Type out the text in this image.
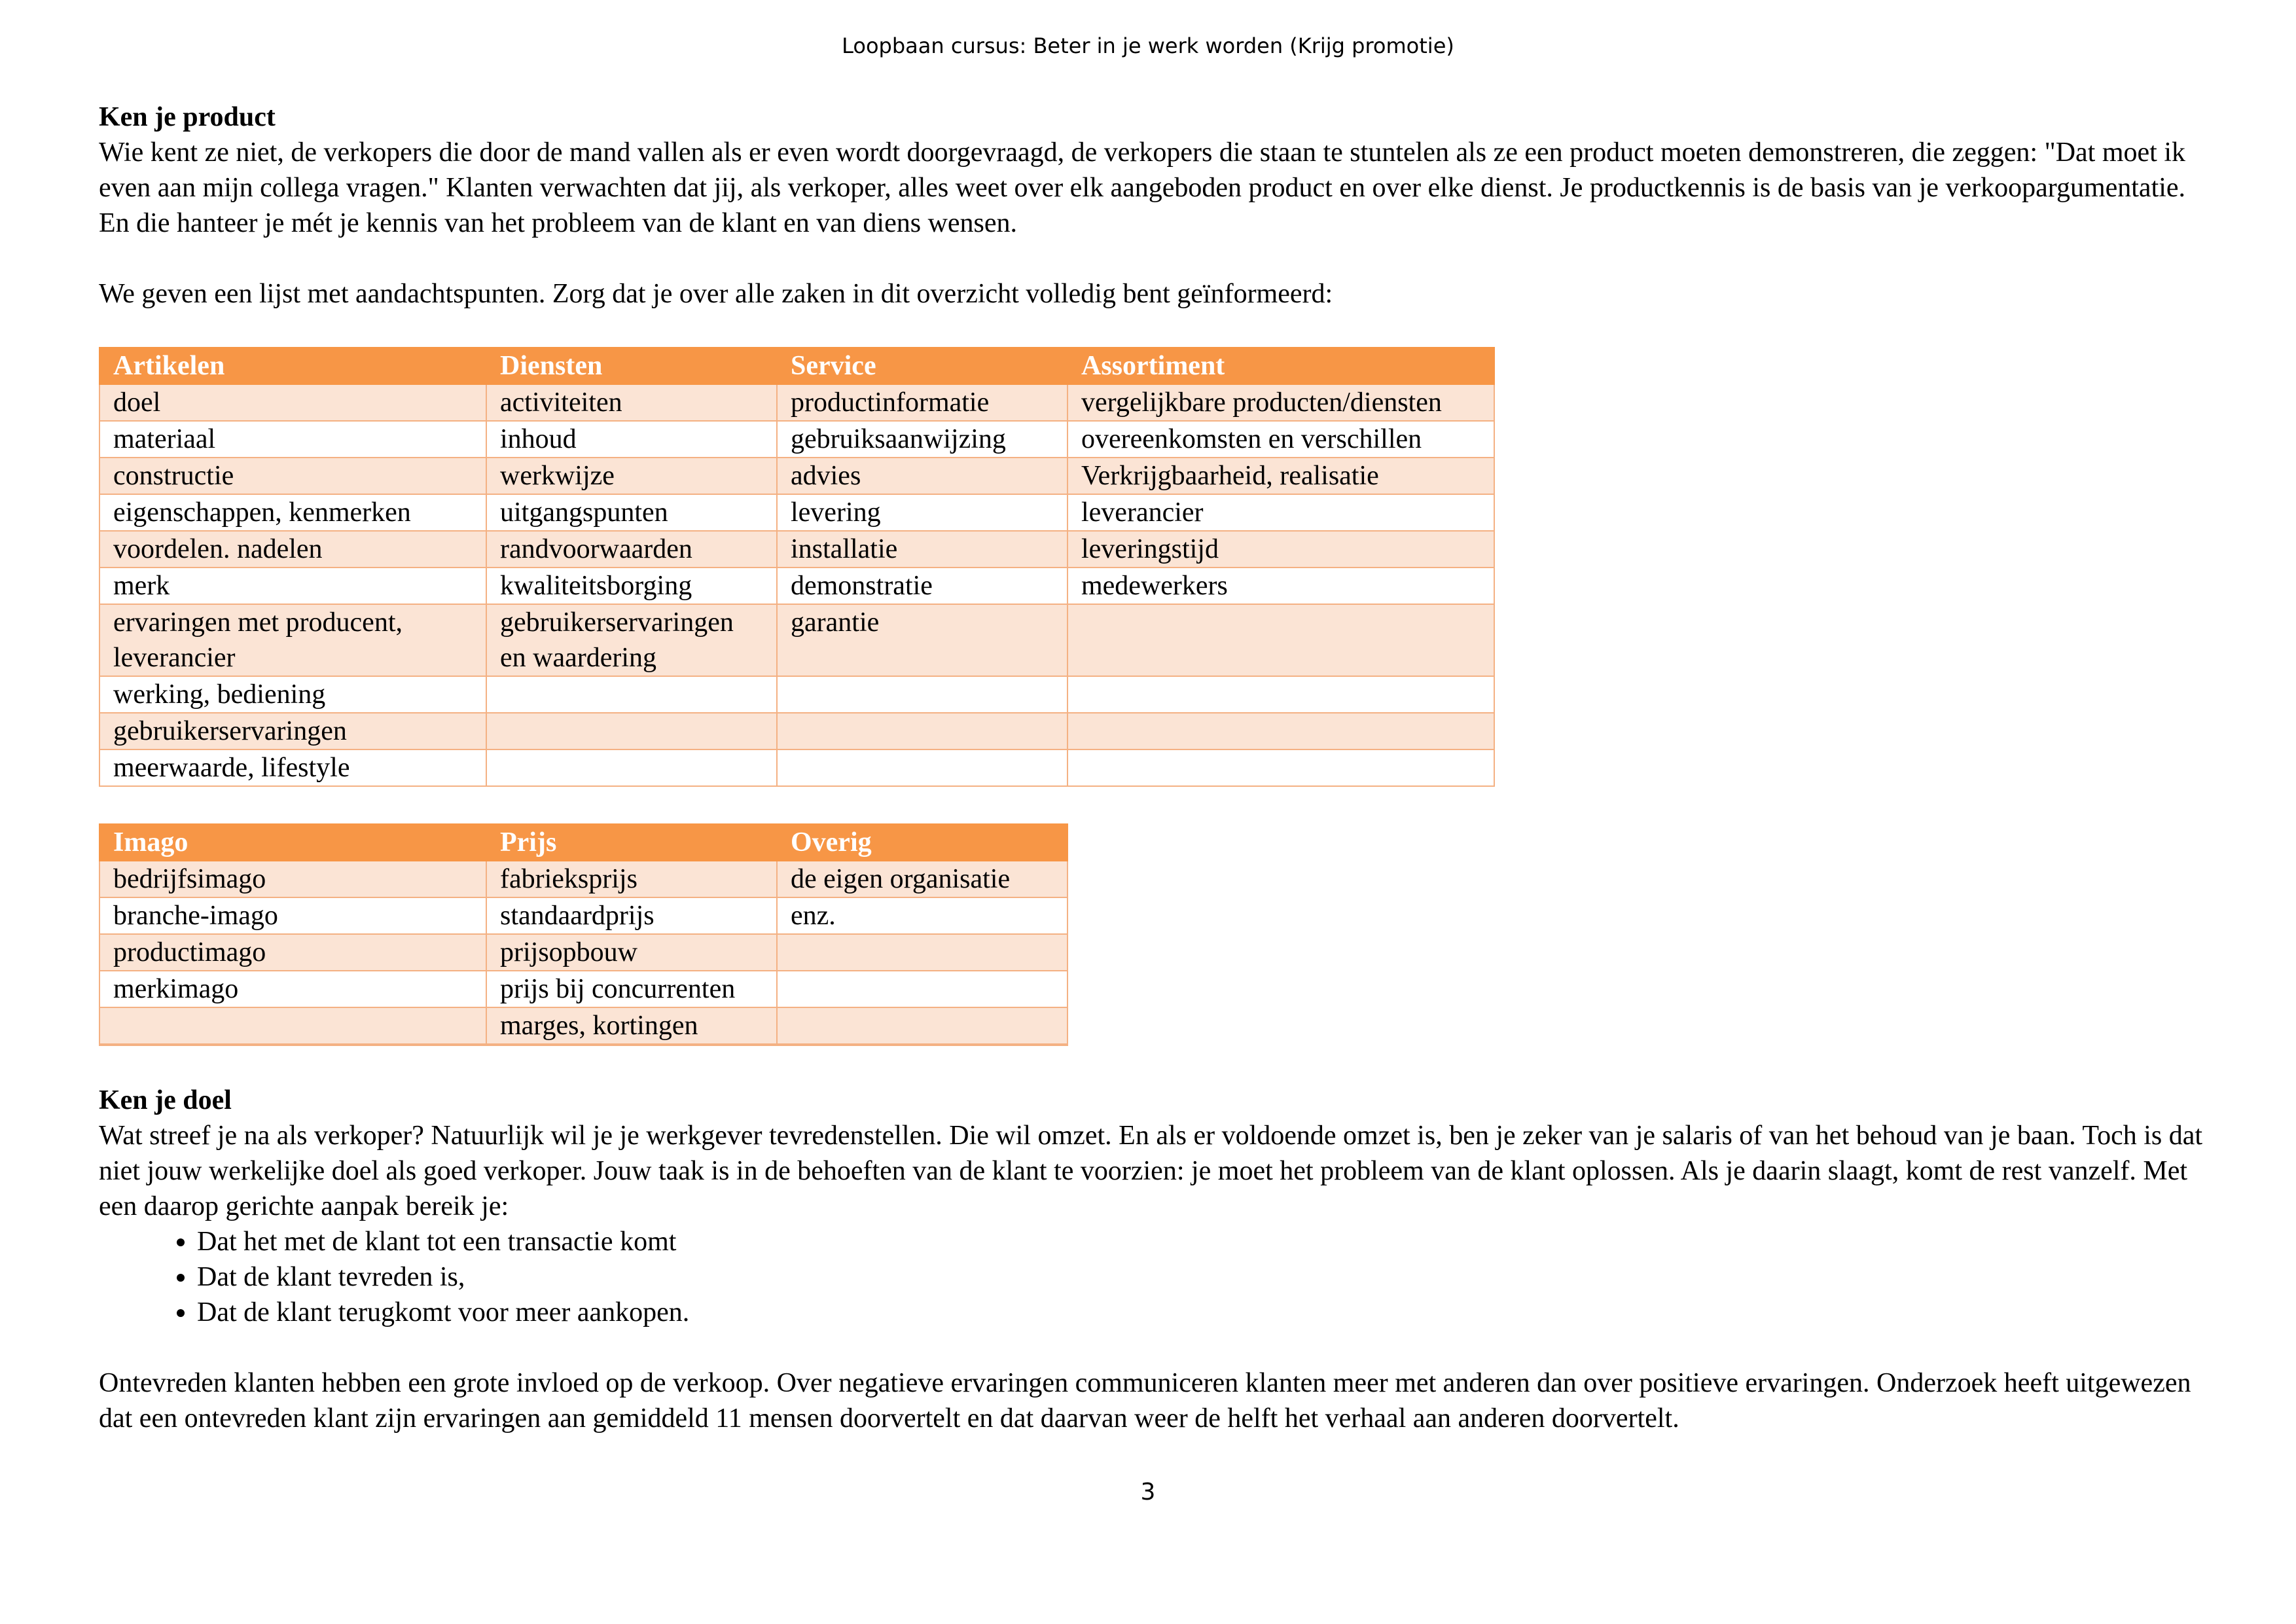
Loopbaan cursus: Beter in je werk worden (Krijg promotie)

Ken je product

Wie kent ze niet, de verkopers die door de mand vallen als er even wordt doorgevraagd, de verkopers die staan te stuntelen als ze een product moeten demonstreren, die zeggen: "Dat moet ik even aan mijn collega vragen." Klanten verwachten dat jij, als verkoper, alles weet over elk aangeboden product en over elke dienst. Je productkennis is de basis van je verkoopargumentatie. En die hanteer je mét je kennis van het probleem van de klant en van diens wensen.

We geven een lijst met aandachtspunten. Zorg dat je over alle zaken in dit overzicht volledig bent geïnformeerd:

Artikelen	Diensten	Service	Assortiment
doel	activiteiten	productinformatie	vergelijkbare producten/diensten
materiaal	inhoud	gebruiksaanwijzing	overeenkomsten en verschillen
constructie	werkwijze	advies	Verkrijgbaarheid, realisatie
eigenschappen, kenmerken	uitgangspunten	levering	leverancier
voordelen. nadelen	randvoorwaarden	installatie	leveringstijd
merk	kwaliteitsborging	demonstratie	medewerkers
ervaringen met producent, leverancier	gebruikerservaringen en waardering	garantie	
werking, bediening			
gebruikerservaringen			
meerwaarde, lifestyle			
Imago	Prijs	Overig
bedrijfsimago	fabrieksprijs	de eigen organisatie
branche-imago	standaardprijs	enz.
productimago	prijsopbouw	
merkimago	prijs bij concurrenten	
	marges, kortingen	

Ken je doel

Wat streef je na als verkoper? Natuurlijk wil je je werkgever tevredenstellen. Die wil omzet. En als er voldoende omzet is, ben je zeker van je salaris of van het behoud van je baan. Toch is dat niet jouw werkelijke doel als goed verkoper. Jouw taak is in de behoeften van de klant te voorzien: je moet het probleem van de klant oplossen. Als je daarin slaagt, komt de rest vanzelf. Met een daarop gerichte aanpak bereik je:

• Dat het met de klant tot een transactie komt
• Dat de klant tevreden is,
• Dat de klant terugkomt voor meer aankopen.

Ontevreden klanten hebben een grote invloed op de verkoop. Over negatieve ervaringen communiceren klanten meer met anderen dan over positieve ervaringen. Onderzoek heeft uitgewezen dat een ontevreden klant zijn ervaringen aan gemiddeld 11 mensen doorvertelt en dat daarvan weer de helft het verhaal aan anderen doorvertelt.

3
